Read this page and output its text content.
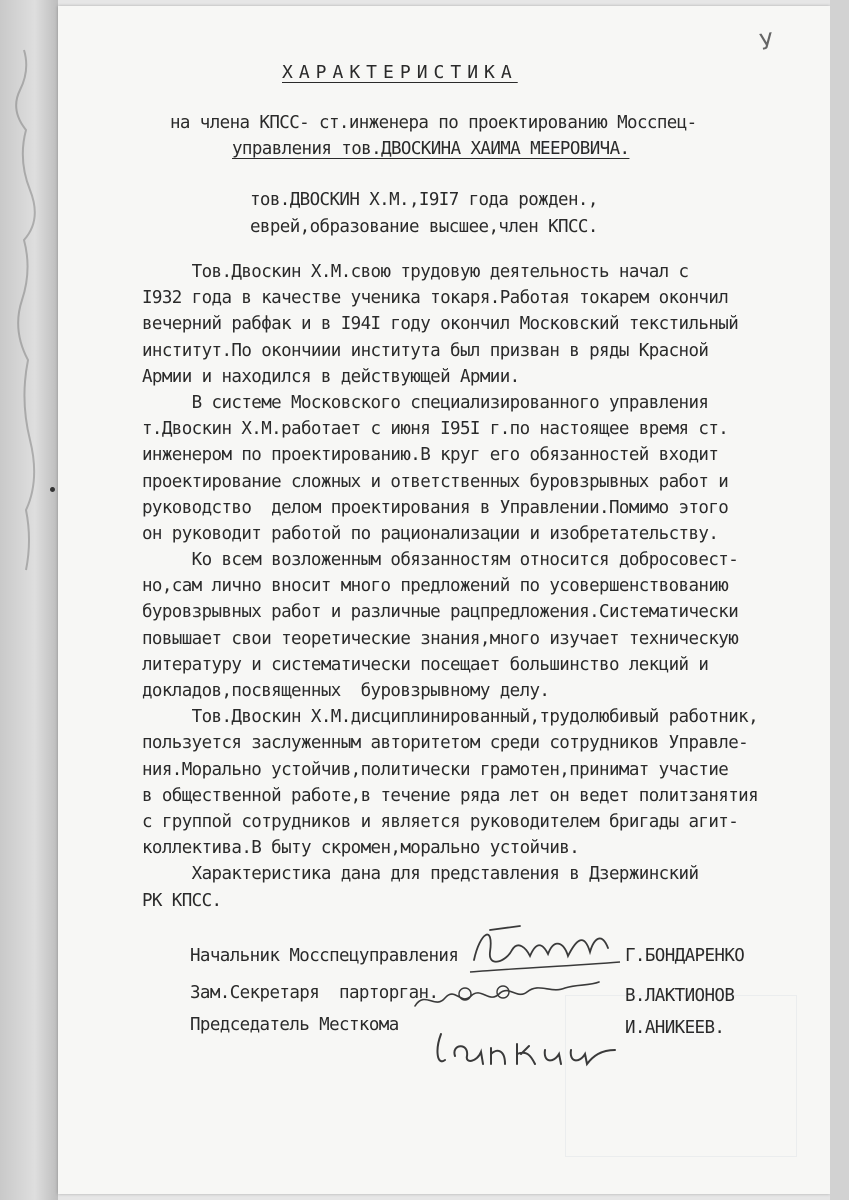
У
ХАРАКТЕРИСТИКА
на члена КПСС- ст.инженера по проектированию Мосспец-
управления тов.ДВОСКИНА ХАИМА МЕЕРОВИЧА.
тов.ДВОСКИН Х.М.,I9I7 года рожден.,
еврей,образование высшее,член КПСС.
Тов.Двоскин Х.М.свою трудовую деятельность начал с
I932 года в качестве ученика токаря.Работая токарем окончил
вечерний рабфак и в I94I году окончил Московский текстильный
институт.По окончиии института был призван в ряды Красной
Армии и находился в действующей Армии.
В системе Московского специализированного управления
т.Двоскин Х.М.работает с июня I95I г.по настоящее время ст.
инженером по проектированию.В круг его обязанностей входит
проектирование сложных и ответственных буровзрывных работ и
руководство  делом проектирования в Управлении.Помимо этого
он руководит работой по рационализации и изобретательству.
Ко всем возложенным обязанностям относится добросовест-
но,сам лично вносит много предложений по усовершенствованию
буровзрывных работ и различные рацпредложения.Систематически
повышает свои теоретические знания,много изучает техническую
литературу и систематически посещает большинство лекций и
докладов,посвященных  буровзрывному делу.
Тов.Двоскин Х.М.дисциплинированный,трудолюбивый работник,
пользуется заслуженным авторитетом среди сотрудников Управле-
ния.Морально устойчив,политически грамотен,принимат участие
в общественной работе,в течение ряда лет он ведет политзанятия
с группой сотрудников и является руководителем бригады агит-
коллектива.В быту скромен,морально устойчив.
Характеристика дана для представления в Дзержинский
РК КПСС.
Начальник Мосспецуправления	Г.БОНДАРЕНКО
Зам.Секретаря  парторган.	В.ЛАКТИОНОВ
Председатель Месткома	И.АНИКЕЕВ.
